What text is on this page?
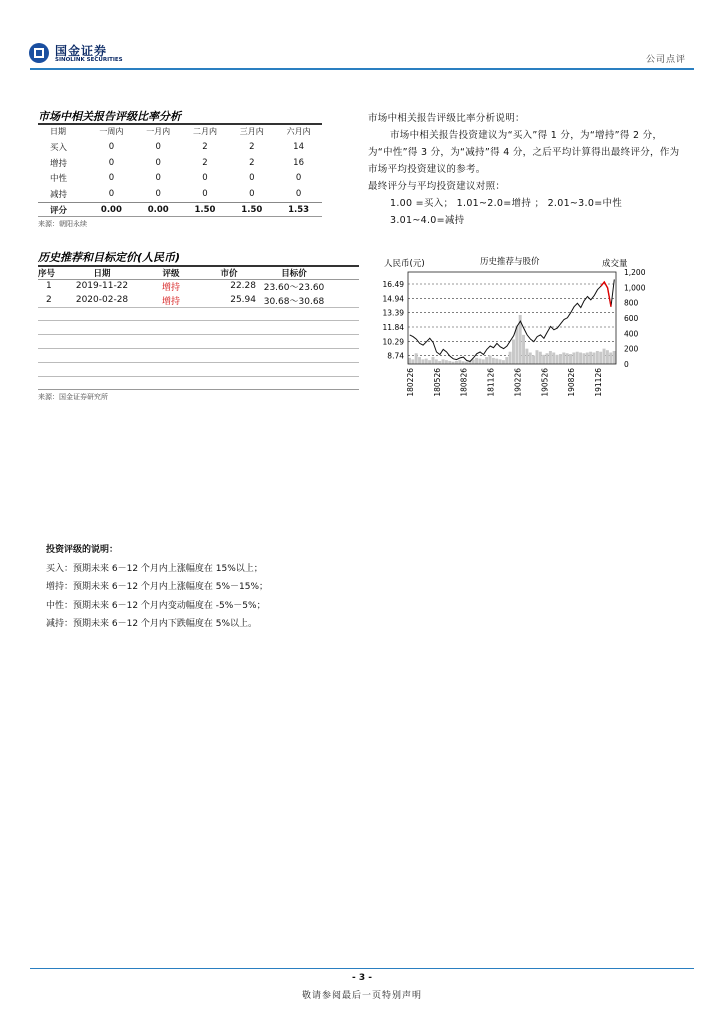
国金证券
SINOLINK SECURITIES	公司点评
市场中相关报告评级比率分析
日期	一周内	一月内	二月内	三月内	六月内
买入	0	0	2	2	14
增持	0	0	2	2	16
中性	0	0	0	0	0
减持	0	0	0	0	0
评分	0.00	0.00	1.50	1.50	1.53
来源：朝阳永续
历史推荐和目标定价(人民币)
序号	日期	评级	市价	目标价
1	2019-11-22	增持	22.28	23.60～23.60
2	2020-02-28	增持	25.94	30.68～30.68
来源：国金证券研究所

市场中相关报告评级比率分析说明：

市场中相关报告投资建议为“买入”得 1 分，为“增持”得 2 分，为“中性”得 3 分，为“减持”得 4 分，之后平均计算得出最终评分，作为市场平均投资建议的参考。

最终评分与平均投资建议对照：

1.00 =买入； 1.01~2.0=增持 ； 2.01~3.0=中性

3.01~4.0=减持

人民币(元)	历史推荐与股价	成交量
16.49
14.94
13.39
11.84
10.29
8.74
1,200
1,000
800
600
400
200
0
180226 180526 180826 181126 190226 190526 190826 191126

投资评级的说明：

买入：预期未来 6－12 个月内上涨幅度在 15%以上；

增持：预期未来 6－12 个月内上涨幅度在 5%－15%；

中性：预期未来 6－12 个月内变动幅度在 -5%－5%；

减持：预期未来 6－12 个月内下跌幅度在 5%以上。

- 3 -
敬请参阅最后一页特别声明
